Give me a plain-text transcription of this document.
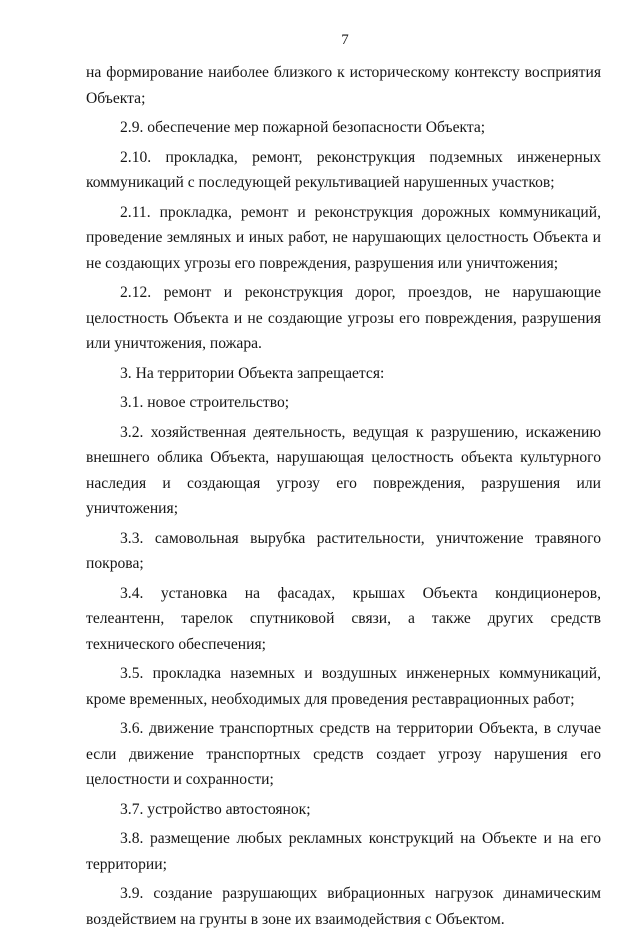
7

на формирование наиболее близкого к историческому контексту восприятия Объекта;

2.9. обеспечение мер пожарной безопасности Объекта;

2.10. прокладка, ремонт, реконструкция подземных инженерных коммуникаций с последующей рекультивацией нарушенных участков;

2.11. прокладка, ремонт и реконструкция дорожных коммуникаций, проведение земляных и иных работ, не нарушающих целостность Объекта и не создающих угрозы его повреждения, разрушения или уничтожения;

2.12. ремонт и реконструкция дорог, проездов, не нарушающие целостность Объекта и не создающие угрозы его повреждения, разрушения или уничтожения, пожара.

3. На территории Объекта запрещается:

3.1. новое строительство;

3.2. хозяйственная деятельность, ведущая к разрушению, искажению внешнего облика Объекта, нарушающая целостность объекта культурного наследия и создающая угрозу его повреждения, разрушения или уничтожения;

3.3. самовольная вырубка растительности, уничтожение травяного покрова;

3.4. установка на фасадах, крышах Объекта кондиционеров, телеантенн, тарелок спутниковой связи, а также других средств технического обеспечения;

3.5. прокладка наземных и воздушных инженерных коммуникаций, кроме временных, необходимых для проведения реставрационных работ;

3.6. движение транспортных средств на территории Объекта, в случае если движение транспортных средств создает угрозу нарушения его целостности и сохранности;

3.7. устройство автостоянок;

3.8. размещение любых рекламных конструкций на Объекте и на его территории;

3.9. создание разрушающих вибрационных нагрузок динамическим воздействием на грунты в зоне их взаимодействия с Объектом.
